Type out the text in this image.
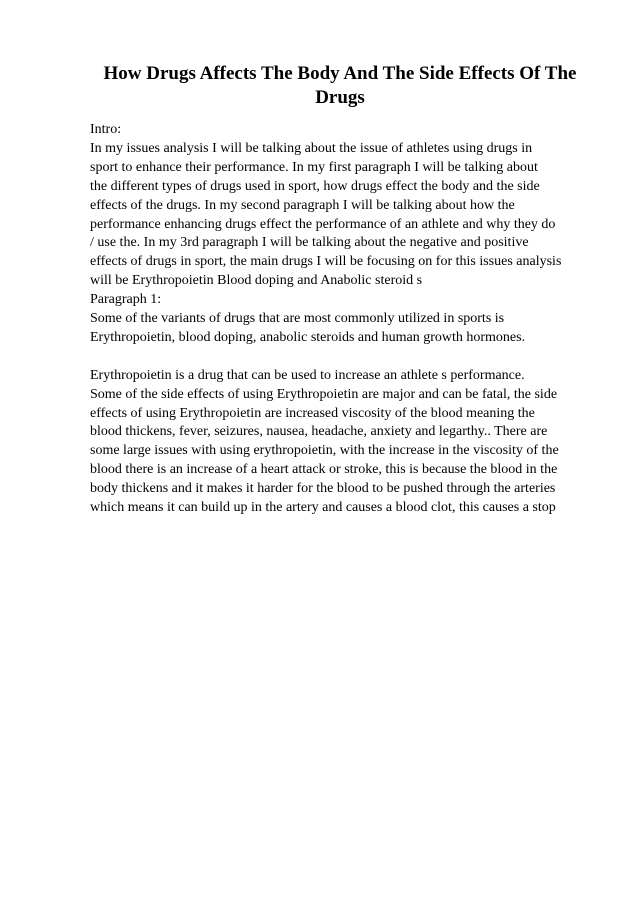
How Drugs Affects The Body And The Side Effects Of The Drugs
Intro:
In my issues analysis I will be talking about the issue of athletes using drugs in
sport to enhance their performance. In my first paragraph I will be talking about
the different types of drugs used in sport, how drugs effect the body and the side
effects of the drugs. In my second paragraph I will be talking about how the
performance enhancing drugs effect the performance of an athlete and why they do
/ use the. In my 3rd paragraph I will be talking about the negative and positive
effects of drugs in sport, the main drugs I will be focusing on for this issues analysis
will be Erythropoietin Blood doping and Anabolic steroid s
Paragraph 1:
Some of the variants of drugs that are most commonly utilized in sports is
Erythropoietin, blood doping, anabolic steroids and human growth hormones.
Erythropoietin is a drug that can be used to increase an athlete s performance.
Some of the side effects of using Erythropoietin are major and can be fatal, the side
effects of using Erythropoietin are increased viscosity of the blood meaning the
blood thickens, fever, seizures, nausea, headache, anxiety and legarthy.. There are
some large issues with using erythropoietin, with the increase in the viscosity of the
blood there is an increase of a heart attack or stroke, this is because the blood in the
body thickens and it makes it harder for the blood to be pushed through the arteries
which means it can build up in the artery and causes a blood clot, this causes a stop
